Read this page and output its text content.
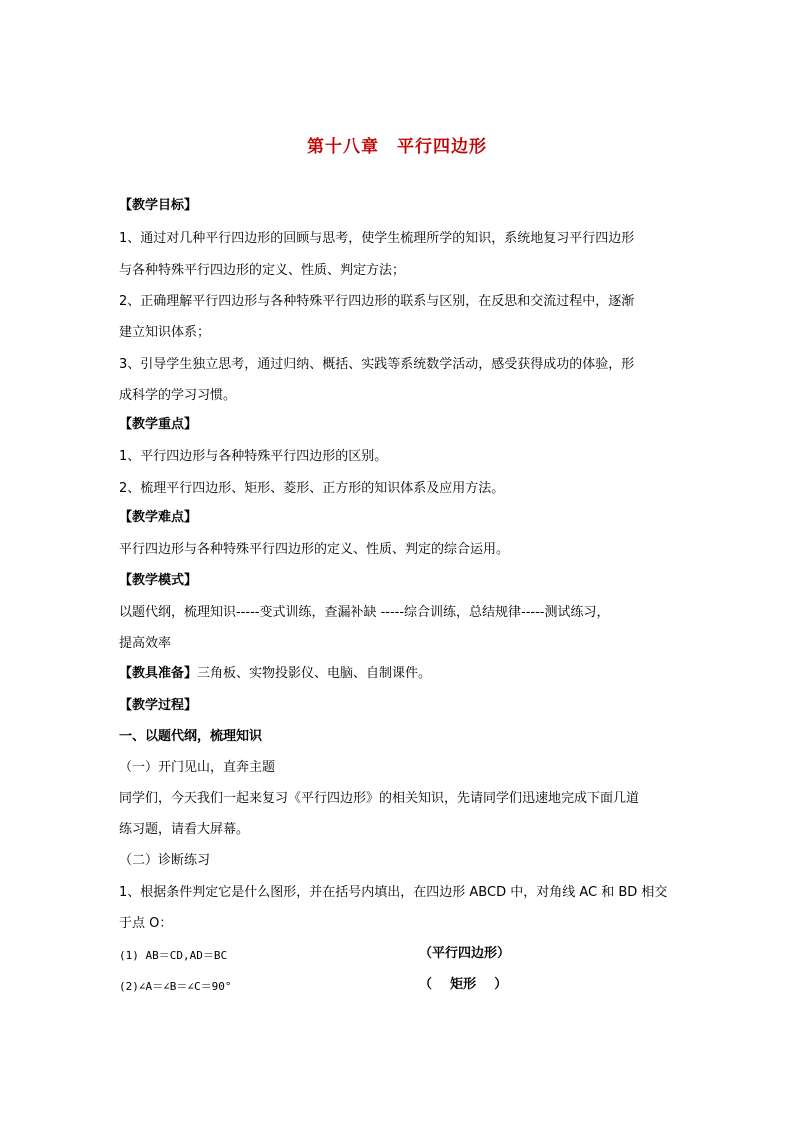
第十八章　平行四边形
【教学目标】
1、通过对几种平行四边形的回顾与思考，使学生梳理所学的知识，系统地复习平行四边形
与各种特殊平行四边形的定义、性质、判定方法；
2、正确理解平行四边形与各种特殊平行四边形的联系与区别，在反思和交流过程中，逐渐
建立知识体系；
3、引导学生独立思考，通过归纳、概括、实践等系统数学活动，感受获得成功的体验，形
成科学的学习习惯。
【教学重点】
1、平行四边形与各种特殊平行四边形的区别。
2、梳理平行四边形、矩形、菱形、正方形的知识体系及应用方法。
【教学难点】
平行四边形与各种特殊平行四边形的定义、性质、判定的综合运用。
【教学模式】
以题代纲，梳理知识-----变式训练，查漏补缺 -----综合训练，总结规律-----测试练习，
提高效率
【教具准备】三角板、实物投影仪、电脑、自制课件。
【教学过程】
一、以题代纲，梳理知识
（一）开门见山，直奔主题
同学们，今天我们一起来复习《平行四边形》的相关知识，先请同学们迅速地完成下面几道
练习题，请看大屏幕。
（二）诊断练习
1、根据条件判定它是什么图形，并在括号内填出，在四边形 ABCD 中，对角线 AC 和 BD 相交
于点 O：
(1) AB＝CD,AD＝BC	（平行四边形）
(2)∠A＝∠B＝∠C＝90°	（    矩形    ）
